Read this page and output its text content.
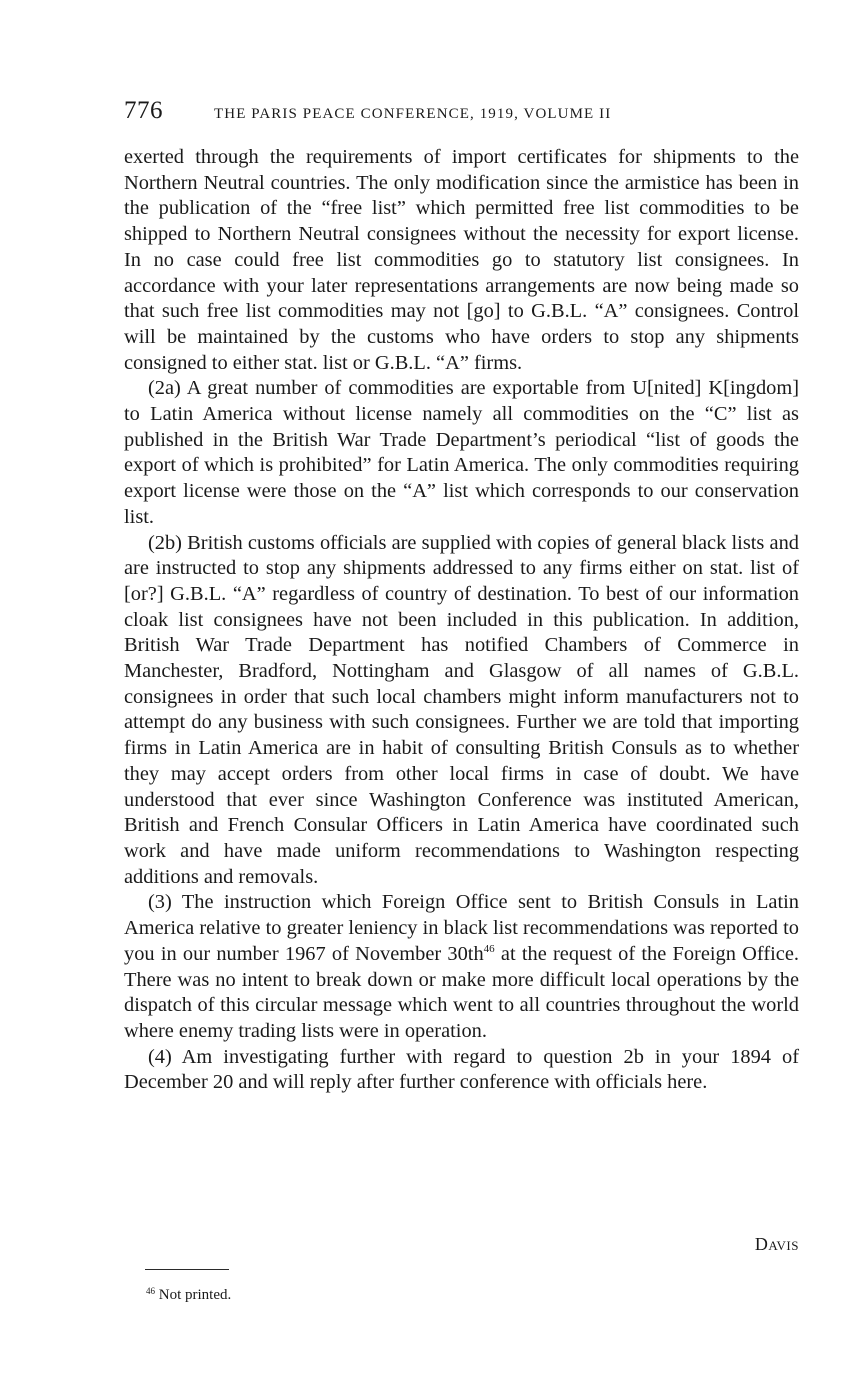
776	THE PARIS PEACE CONFERENCE, 1919, VOLUME II

exerted through the requirements of import certificates for shipments to the Northern Neutral countries. The only modification since the armistice has been in the publication of the “free list” which permitted free list commodities to be shipped to Northern Neutral consignees without the necessity for export license. In no case could free list commodities go to statutory list consignees. In accordance with your later representations arrangements are now being made so that such free list commodities may not [go] to G.B.L. “A” consignees. Control will be maintained by the customs who have orders to stop any shipments consigned to either stat. list or G.B.L. “A” firms.

(2a) A great number of commodities are exportable from U[nited] K[ingdom] to Latin America without license namely all commodities on the “C” list as published in the British War Trade Department’s periodical “list of goods the export of which is prohibited” for Latin America. The only commodities requiring export license were those on the “A” list which corresponds to our conservation list.

(2b) British customs officials are supplied with copies of general black lists and are instructed to stop any shipments addressed to any firms either on stat. list of [or?] G.B.L. “A” regardless of country of destination. To best of our information cloak list consignees have not been included in this publication. In addition, British War Trade Department has notified Chambers of Commerce in Manchester, Bradford, Nottingham and Glasgow of all names of G.B.L. consignees in order that such local chambers might inform manufacturers not to attempt do any business with such consignees. Further we are told that importing firms in Latin America are in habit of consulting British Consuls as to whether they may accept orders from other local firms in case of doubt. We have understood that ever since Washington Conference was instituted American, British and French Consular Officers in Latin America have coordinated such work and have made uniform recommendations to Washington respecting additions and removals.

(3) The instruction which Foreign Office sent to British Consuls in Latin America relative to greater leniency in black list recommendations was reported to you in our number 1967 of November 30th$^{46}$ at the request of the Foreign Office. There was no intent to break down or make more difficult local operations by the dispatch of this circular message which went to all countries throughout the world where enemy trading lists were in operation.

(4) Am investigating further with regard to question 2b in your 1894 of December 20 and will reply after further conference with officials here.

Davis
$^{46}$ Not printed.
